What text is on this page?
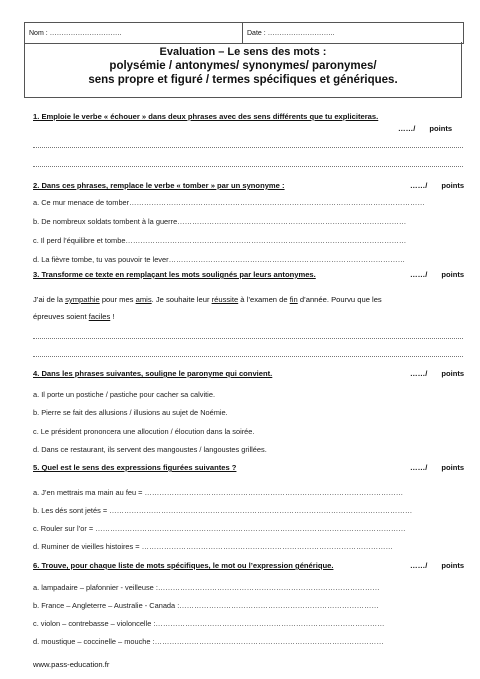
Nom : ………………………….	Date : ………………………..
Evaluation – Le sens des mots :
polysémie / antonymes/ synonymes/ paronymes/
sens propre et figuré / termes spécifiques et génériques.
1. Emploie le verbe « échouer » dans deux phrases avec des sens différents que tu expliciteras.
……/ points
2. Dans ces phrases, remplace le verbe « tomber » par un synonyme :	……/ points
a. Ce mur menace de tomber…………………………………………………………………………………………………………
b. De nombreux soldats tombent à la guerre…………………………………………………………………………………
c. Il perd l’équilibre et tombe……………………………………………………………………………………………………
d. La fièvre tombe, tu vas pouvoir te lever……………………………………………………………………………………
3. Transforme ce texte en remplaçant les mots soulignés par leurs antonymes.	……/ points
J’ai de la sympathie pour mes amis. Je souhaite leur réussite à l’examen de fin d’année. Pourvu que les
épreuves soient faciles !
4. Dans les phrases suivantes, souligne le paronyme qui convient.	……/ points
a. Il porte un postiche / pastiche pour cacher sa calvitie.
b. Pierre se fait des allusions / illusions au sujet de Noémie.
c. Le président prononcera une allocution / élocution dans la soirée.
d. Dans ce restaurant, ils servent des mangoustes / langoustes grillées.
5. Quel est le sens des expressions figurées suivantes ?	……/ points
a. J’en mettrais ma main au feu = ……………………………………………………………………………………………
b. Les dés sont jetés = ……………………………………………………………………………………………………………
c. Rouler sur l’or = ………………………………………………………………………………………………………………
d. Ruminer de vieilles histoires = …………………………………………………………………………………………
6. Trouve, pour chaque liste de mots spécifiques, le mot ou l’expression générique.	……/ points
a. lampadaire – plafonnier - veilleuse :………………………………………………………………………………
b. France – Angleterre – Australie - Canada :………………………………………………………………………
c. violon – contrebasse – violoncelle :…………………………………………………………………………………
d. moustique – coccinelle – mouche :…………………………………………………………………………………
www.pass-education.fr
